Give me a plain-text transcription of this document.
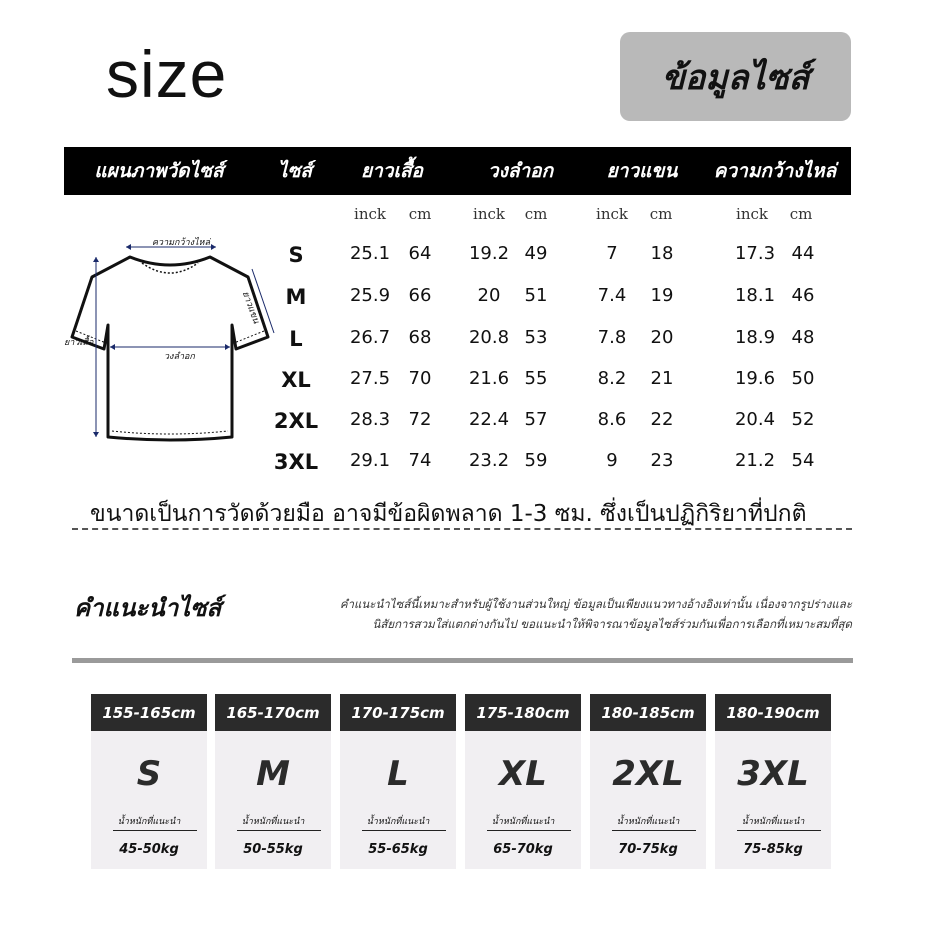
size	ข้อมูลไซส์
แผนภาพวัดไซส์	ไซส์	ยาวเสื้อ	วงลำอก	ยาวแขน	ความกว้างไหล่
inck	cm	inck	cm	inck	cm	inck	cm
S	25.1	64	19.2 49	7	18	17.3 44
M	25.9	66	20	51	7.4	19	18.1 46
L	26.7	68	20.8 53	7.8	20	18.9 48
XL	27.5	70	21.6 55	8.2	21	19.6 50
2XL	28.3	72	22.4 57	8.6	22	20.4 52
3XL	29.1	74	23.2 59	9	23	21.2 54
ความกว้างไหล่
ยาวเสื้อ
วงลำอก
ยาวแขน
ขนาดเป็นการวัดด้วยมือ อาจมีข้อผิดพลาด 1-3 ซม. ซึ่งเป็นปฏิกิริยาที่ปกติ
คำแนะนำไซส์	คำแนะนำไซส์นี้เหมาะสำหรับผู้ใช้งานส่วนใหญ่ ข้อมูลเป็นเพียงแนวทางอ้างอิงเท่านั้น เนื่องจากรูปร่างและ
นิสัยการสวมใส่แตกต่างกันไป ขอแนะนำให้พิจารณาข้อมูลไซส์ร่วมกันเพื่อการเลือกที่เหมาะสมที่สุด
155-165cm
S
น้ำหนักที่แนะนำ
45-50kg
165-170cm
M
น้ำหนักที่แนะนำ
50-55kg
170-175cm
L
น้ำหนักที่แนะนำ
55-65kg
175-180cm
XL
น้ำหนักที่แนะนำ
65-70kg
180-185cm
2XL
น้ำหนักที่แนะนำ
70-75kg
180-190cm
3XL
น้ำหนักที่แนะนำ
75-85kg
